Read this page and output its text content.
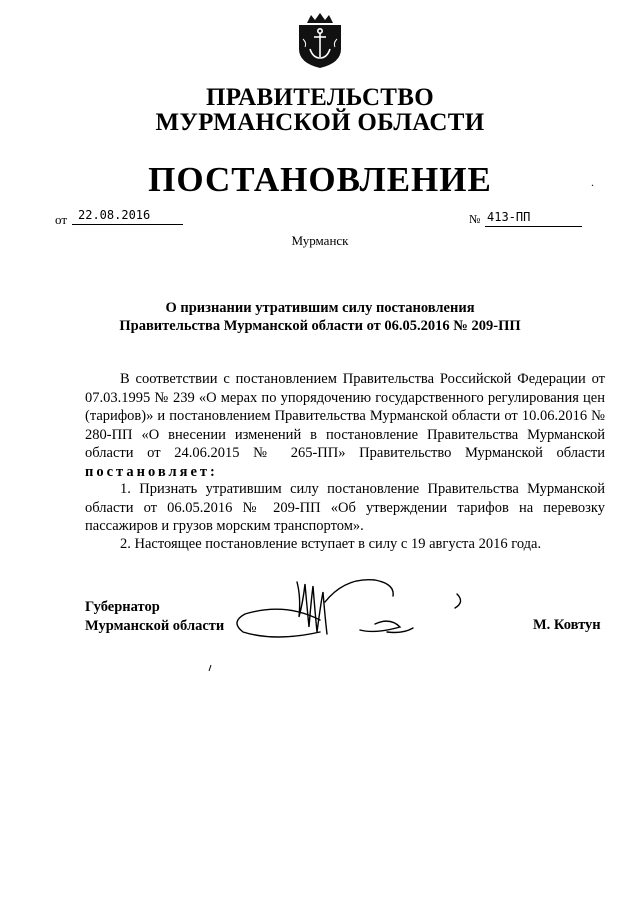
ПРАВИТЕЛЬСТВО
МУРМАНСКОЙ ОБЛАСТИ
ПОСТАНОВЛЕНИЕ	.
от 22.08.2016	№ 413-ПП
Мурманск
О признании утратившим силу постановления
Правительства Мурманской области от 06.05.2016 № 209-ПП
В соответствии с постановлением Правительства Российской Федерации от 07.03.1995 № 239 «О мерах по упорядочению государственного регулирования цен (тарифов)» и постановлением Правительства Мурманской области от 10.06.2016 № 280-ПП «О внесении изменений в постановление Правительства Мурманской области от 24.06.2015 № 265-ПП» Правительство Мурманской области постановляет:
1. Признать утратившим силу постановление Правительства Мурманской области от 06.05.2016 № 209-ПП «Об утверждении тарифов на перевозку пассажиров и грузов морским транспортом».
2. Настоящее постановление вступает в силу с 19 августа 2016 года.
Губернатор
Мурманской области	М. Ковтун
